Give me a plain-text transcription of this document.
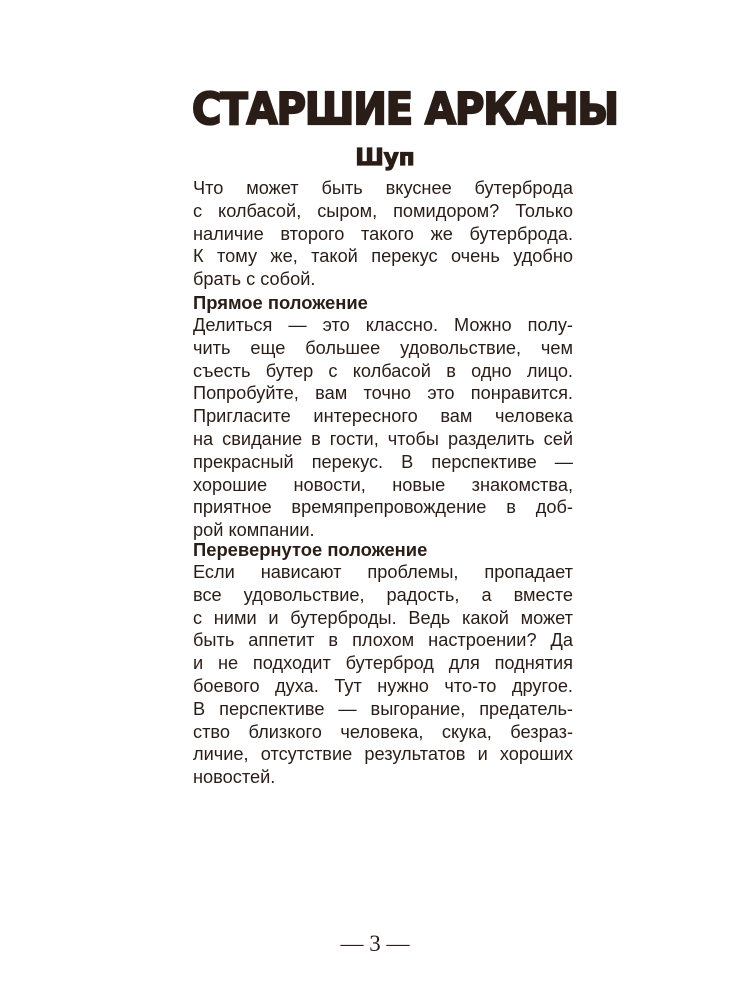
СТАРШИЕ АРКАНЫ
Шуп
Что может быть вкуснее бутерброда
с колбасой, сыром, помидором? Только
наличие второго такого же бутерброда.
К тому же, такой перекус очень удобно
брать с собой.
Прямое положение
Делиться — это классно. Можно полу-
чить еще большее удовольствие, чем
съесть бутер с колбасой в одно лицо.
Попробуйте, вам точно это понравится.
Пригласите интересного вам человека
на свидание в гости, чтобы разделить сей
прекрасный перекус. В перспективе —
хорошие новости, новые знакомства,
приятное времяпрепровождение в доб-
рой компании.
Перевернутое положение
Если нависают проблемы, пропадает
все удовольствие, радость, а вместе
с ними и бутерброды. Ведь какой может
быть аппетит в плохом настроении? Да
и не подходит бутерброд для поднятия
боевого духа. Тут нужно что-то другое.
В перспективе — выгорание, предатель-
ство близкого человека, скука, безраз-
личие, отсутствие результатов и хороших
новостей.
— 3 —
